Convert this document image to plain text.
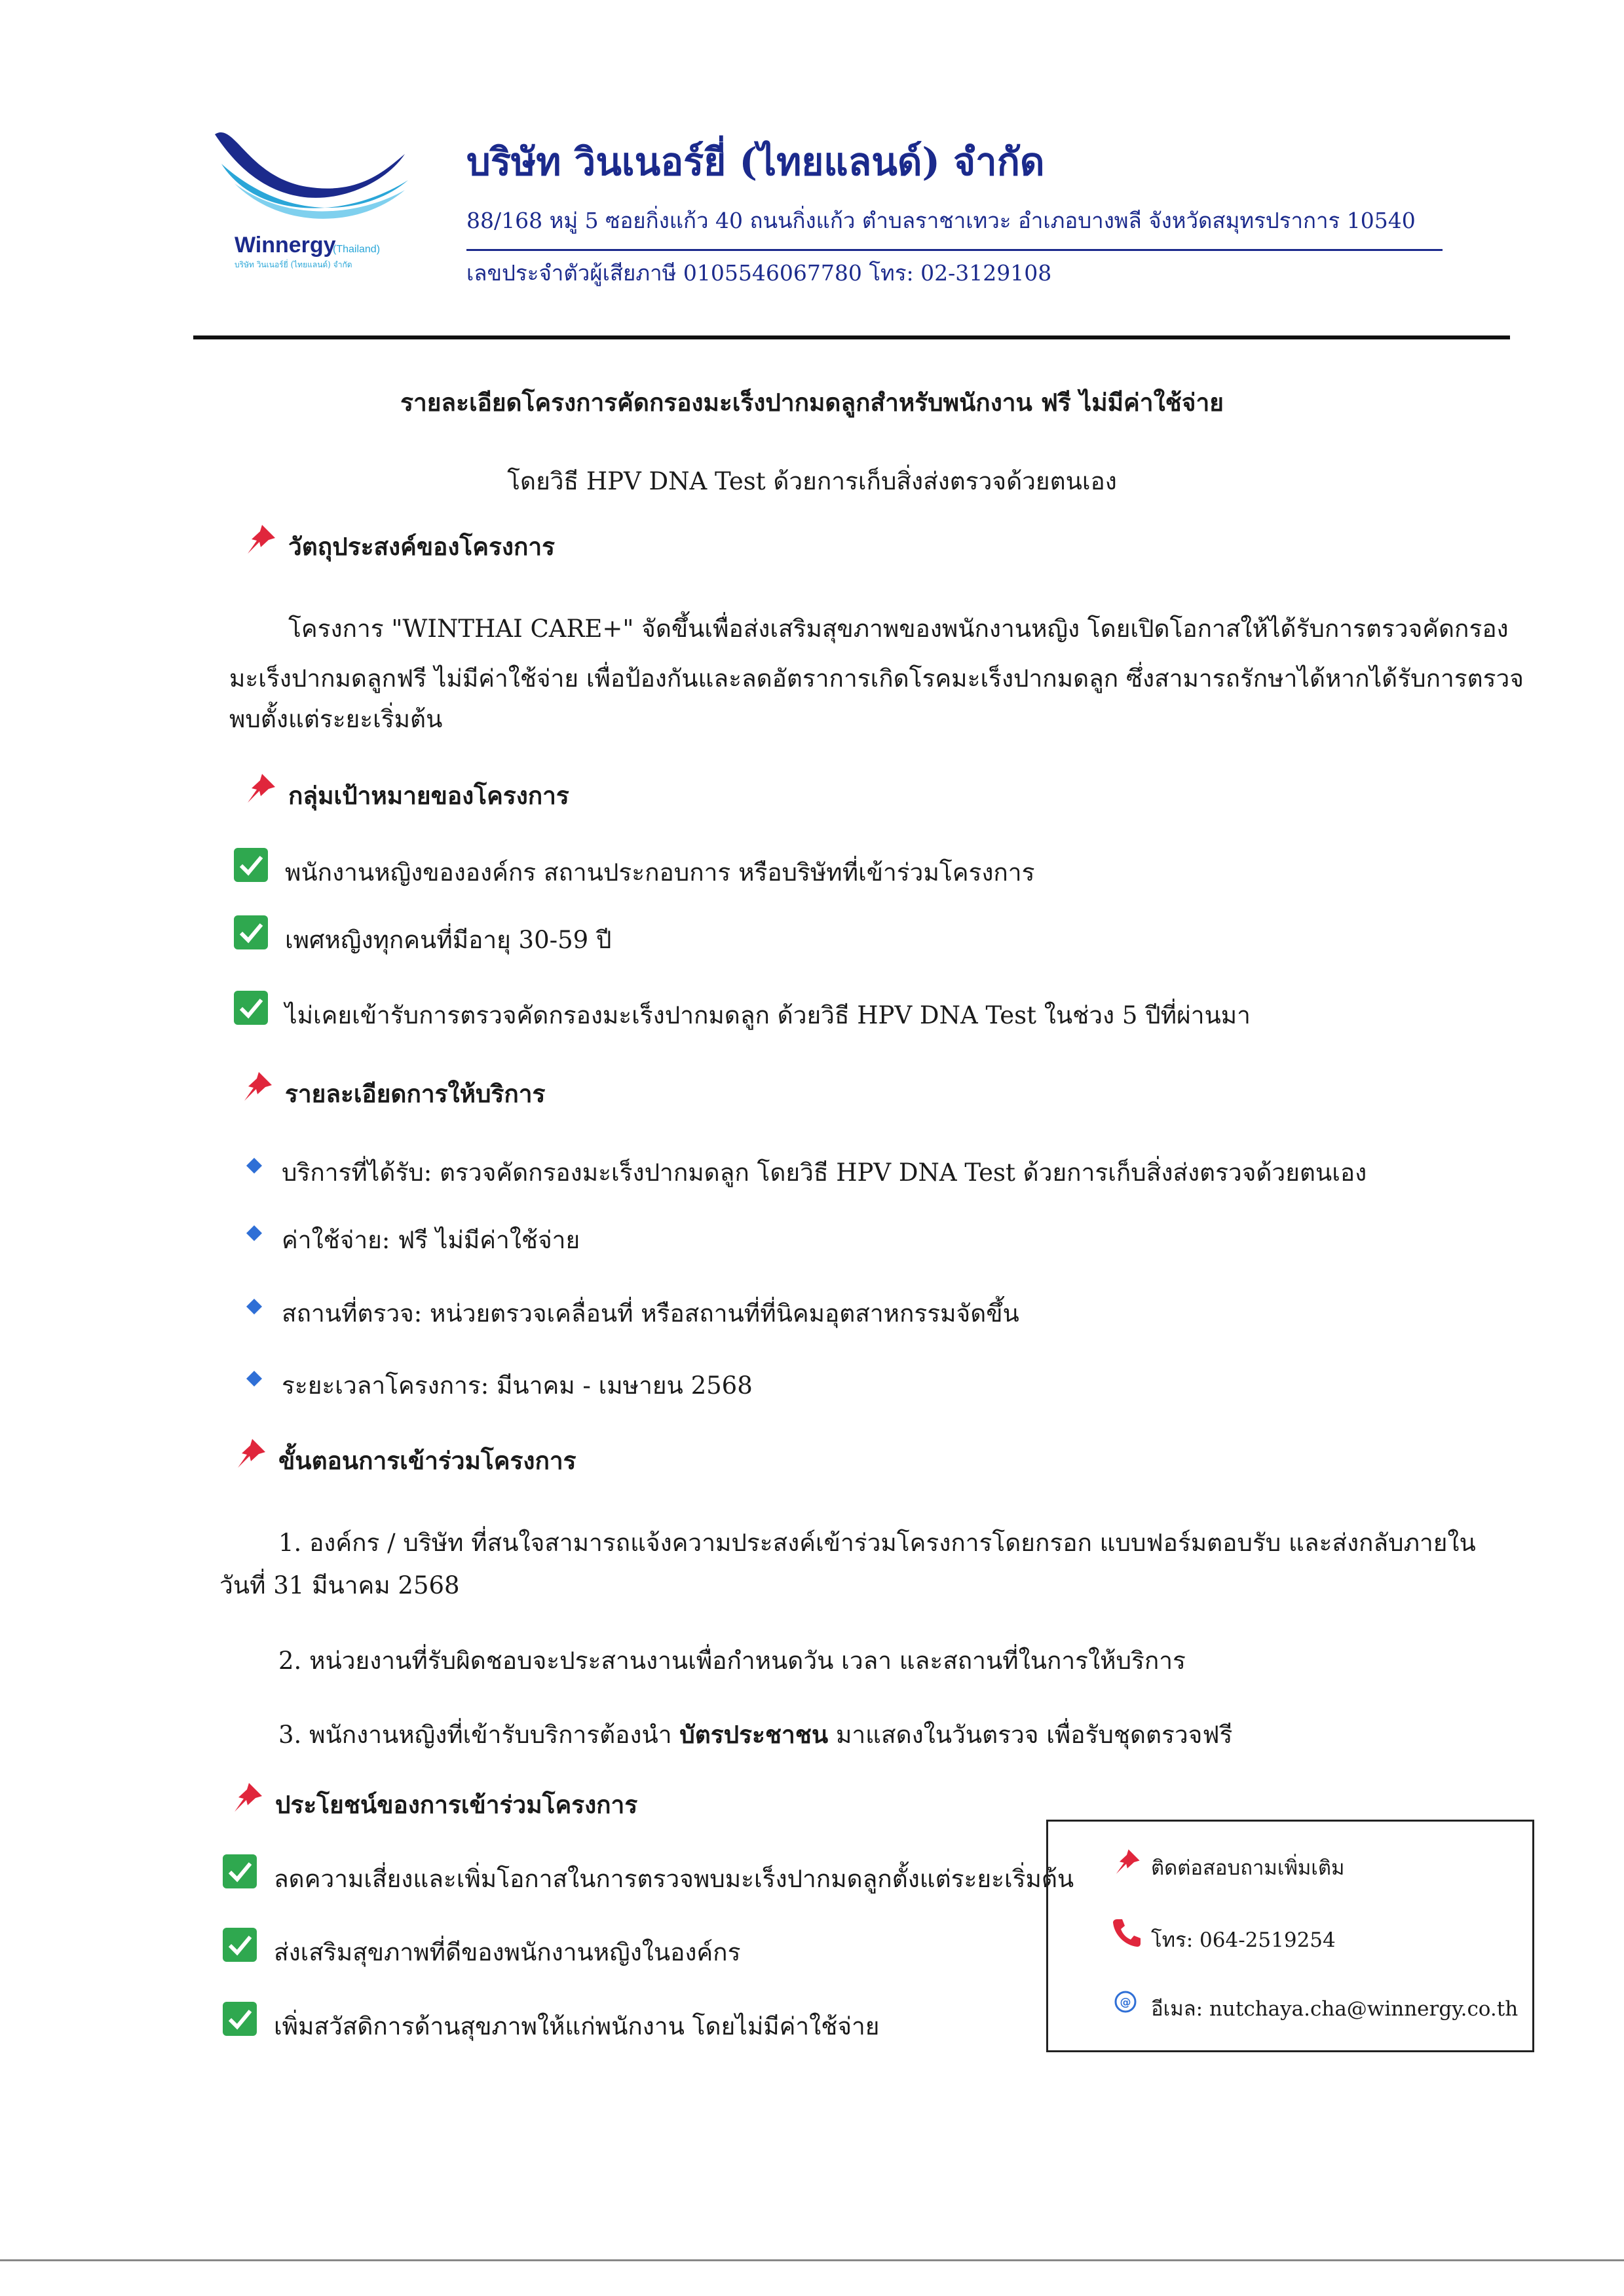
Winnergy
(Thailand)
บริษัท วินเนอร์ยี่ (ไทยแลนด์) จำกัด
บริษัท วินเนอร์ยี่ (ไทยแลนด์) จำกัด
88/168 หมู่ 5 ซอยกิ่งแก้ว 40 ถนนกิ่งแก้ว ตำบลราชาเทวะ อำเภอบางพลี จังหวัดสมุทรปราการ 10540
เลขประจำตัวผู้เสียภาษี 0105546067780 โทร: 02-3129108
รายละเอียดโครงการคัดกรองมะเร็งปากมดลูกสำหรับพนักงาน ฟรี ไม่มีค่าใช้จ่าย
โดยวิธี HPV DNA Test ด้วยการเก็บสิ่งส่งตรวจด้วยตนเอง
วัตถุประสงค์ของโครงการ
โครงการ "WINTHAI CARE+" จัดขึ้นเพื่อส่งเสริมสุขภาพของพนักงานหญิง โดยเปิดโอกาสให้ได้รับการตรวจคัดกรอง
มะเร็งปากมดลูกฟรี ไม่มีค่าใช้จ่าย เพื่อป้องกันและลดอัตราการเกิดโรคมะเร็งปากมดลูก ซึ่งสามารถรักษาได้หากได้รับการตรวจ
พบตั้งแต่ระยะเริ่มต้น
กลุ่มเป้าหมายของโครงการ
พนักงานหญิงขององค์กร สถานประกอบการ หรือบริษัทที่เข้าร่วมโครงการ
เพศหญิงทุกคนที่มีอายุ 30-59 ปี
ไม่เคยเข้ารับการตรวจคัดกรองมะเร็งปากมดลูก ด้วยวิธี HPV DNA Test ในช่วง 5 ปีที่ผ่านมา
รายละเอียดการให้บริการ
บริการที่ได้รับ: ตรวจคัดกรองมะเร็งปากมดลูก โดยวิธี HPV DNA Test ด้วยการเก็บสิ่งส่งตรวจด้วยตนเอง
ค่าใช้จ่าย: ฟรี ไม่มีค่าใช้จ่าย
สถานที่ตรวจ: หน่วยตรวจเคลื่อนที่ หรือสถานที่ที่นิคมอุตสาหกรรมจัดขึ้น
ระยะเวลาโครงการ: มีนาคม - เมษายน 2568
ขั้นตอนการเข้าร่วมโครงการ
1. องค์กร / บริษัท ที่สนใจสามารถแจ้งความประสงค์เข้าร่วมโครงการโดยกรอก แบบฟอร์มตอบรับ และส่งกลับภายใน
วันที่ 31 มีนาคม 2568
2. หน่วยงานที่รับผิดชอบจะประสานงานเพื่อกำหนดวัน เวลา และสถานที่ในการให้บริการ
3. พนักงานหญิงที่เข้ารับบริการต้องนำ บัตรประชาชน มาแสดงในวันตรวจ เพื่อรับชุดตรวจฟรี
ประโยชน์ของการเข้าร่วมโครงการ
ลดความเสี่ยงและเพิ่มโอกาสในการตรวจพบมะเร็งปากมดลูกตั้งแต่ระยะเริ่มต้น
ส่งเสริมสุขภาพที่ดีของพนักงานหญิงในองค์กร
เพิ่มสวัสดิการด้านสุขภาพให้แก่พนักงาน โดยไม่มีค่าใช้จ่าย
ติดต่อสอบถามเพิ่มเติม
โทร: 064-2519254
@ อีเมล: nutchaya.cha@winnergy.co.th
